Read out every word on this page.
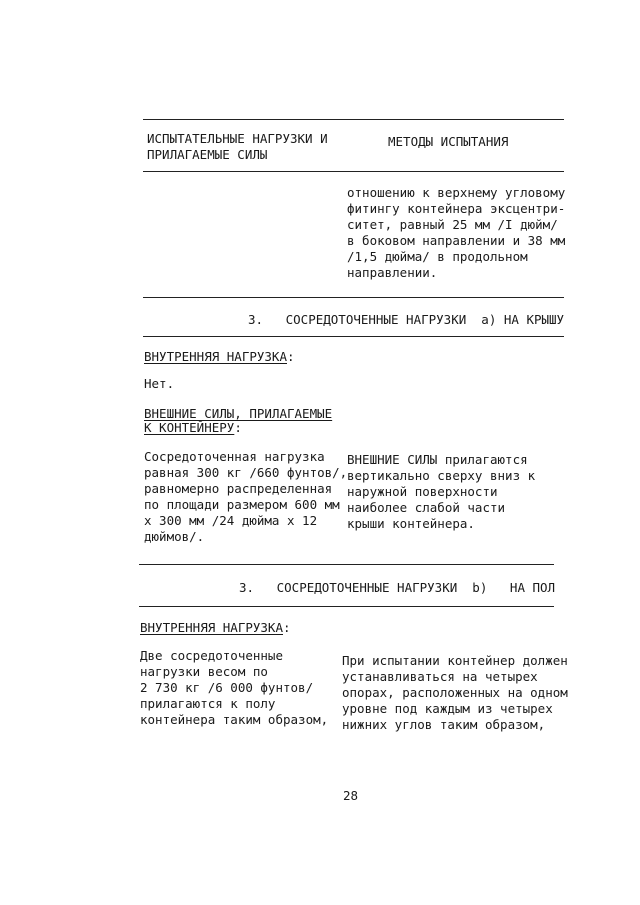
ИСПЫТАТЕЛЬНЫЕ НАГРУЗКИ И
ПРИЛАГАЕМЫЕ СИЛЫ
МЕТОДЫ ИСПЫТАНИЯ
отношению к верхнему угловому
фитингу контейнера эксцентри-
ситет, равный 25 мм /I дюйм/
в боковом направлении и 38 мм
/1,5 дюйма/ в продольном
направлении.
3.   СОСРЕДОТОЧЕННЫЕ НАГРУЗКИ  а) НА КРЫШУ
ВНУТРЕННЯЯ НАГРУЗКА:
Нет.
ВНЕШНИЕ СИЛЫ, ПРИЛАГАЕМЫЕ
К КОНТЕЙНЕРУ:
Сосредоточенная нагрузка
равная 300 кг /660 фунтов/,
равномерно распределенная
по площади размером 600 мм
х 300 мм /24 дюйма х 12
дюймов/.
ВНЕШНИЕ СИЛЫ прилагаются
вертикально сверху вниз к
наружной поверхности
наиболее слабой части
крыши контейнера.
3.   СОСРЕДОТОЧЕННЫЕ НАГРУЗКИ  b)   НА ПОЛ
ВНУТРЕННЯЯ НАГРУЗКА:
Две сосредоточенные
нагрузки весом по
2 730 кг /6 000 фунтов/
прилагаются к полу
контейнера таким образом,
При испытании контейнер должен
устанавливаться на четырех
опорах, расположенных на одном
уровне под каждым из четырех
нижних углов таким образом,
28
